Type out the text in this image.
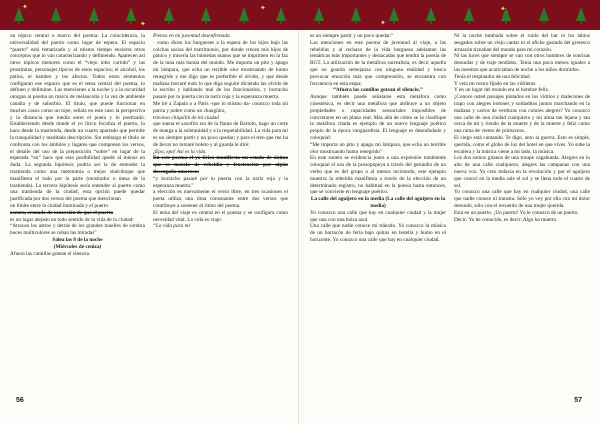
✦
✦
✦
✦
✦

un tópico central o marco del poema: La coincidencia, la universalidad del puerto como lugar de espera. El espacio “puerto” está tematizado y al mismo tiempo encierra otros conceptos que lo van caracterizando y definiendo. Aparecen así otros tópicos menores como el “viejo lobo curtido” y las prostitutas, personajes típicos de estos espacios; el alcohol, los patios, el hambre y los afectos. Todos estos elementos configuran ese espacio que es el tema central del poema, lo definen y delimitan. Las menciones a la noche y a la oscuridad otorgan al poema un marco de melancolía y la vez de ambiente canalla y de suburbio. El título, que puede funcionar en muchos casos como un tope, señala en este caso la perspectiva y la distancia que media entre el poeta y lo poetizado. Estableciendo desde donde el yo lírico focaliza el puerto, lo hace desde la trastienda, desde un cuarto apartado que permite la tranquilidad y meditada descripción. Sin embargo el título se confronta con los ámbitos y lugares que componen los versos, el detalle del uso de la preposición “sobre” en lugar de la esperada “en” hace que esta posibilidad quede al menos en duda. La segunda hipótesis podría ser la de entender la trastienda como una metonimia o mejor sinécdoque que manifiesta el todo por la parte (mostrador o mesa de la trastienda). La tercera hipótesis sería entender al puerto como una trastienda de la ciudad, esta opción puede quedar justificada por dos versos del poema que mencionan

un límite entre la ciudad iluminada y el puerto

oscuro, cruzado de concesión de que el puerto

es un lugar alejado en todo sentido de la vida de la ciudad:

“Atracan los astros y detrás de los grandes muelles de sombra buces multicolores se roban las miradas”

Salea las 8 de la noche

(Miércoles de ceniza)

Afuera las camillas gotean el silencio.

Pienso en mi juventud desenfrenada

· como dicen los burgueses a la espera de los hijos bajo las colchas sucias del matrimonio, por donde crecen mis hijos de pánico y miseria las húmedas manos que se imprimen en la faz de la luna más barata del mundo. Me importa un pito y apago mi lámpara, que echa un terrible olor mostruando de humo renegrido y me digo que es preferible el olvido, y que desde mañana borraré todo lo que diga seguiré diciendo las olvido de la escribo y hablando mal de los funcionarios, y borracho pasaré por tu puerta con la nariz roja y la esperanza muerta.

Me iré a Zapala o a París -que lo mismo da- conozco toda mi patria y pobre como un changüito,

travieso chiquilín de mi ciudad

que suena el saxofón rso de la flauta de Bartolo, hago un corte de manga a la solemnidad y a la respetabilidad. La vida para mí

es un siempre partir y un poco quedar; y para el tren que me ha de llevar no tomaré boleto y al guarda le diré:

¡Epa, epa! Así es la vida.

En este poema el yo lírico manifiesta un estado de ánimo que es mezcla de rebeldía y frustración por algún desengaño amoroso:

“y borracho pasaré por tu puerta con la nariz roja y la esperanza muerta.”

a elección es nuevamente el verso libre, en tres ocasiones el poeta utiliza una rima consonante entre dos versos que contribuye a sostener el ritmo del poema.

El tema del viaje es central en el poema y se configura como necesidad vital. La vida es viaje:

“La vida para mí

56

es un siempre partir y un poco quedar.”

Las menciones en este poema de juventud al viaje, a las rebeldías y al rechazo de la vida burguesa adelantan las temáticas más importantes y destacadas que tendrá la poesía de RGT. La utilización de la metáfora surrealista, es decir aquella que no guarda semejanza con ninguna realidad y busca provocar emoción más que comprensión, se encuentra con frecuencia en esta etapa:

“Afuera las camillas gotean el silencio.”

Aunque también puede señalarse esta metáfora como cinestésica, es decir una metáfora que atribuye a un objeto propiedades o capacidades sensoriales imposibles de concretarse en un plano real. Más allá de cómo se la clasifique la metáfora citada es ejemplo de un nuevo lenguaje poético propio de la época vanguardista. El lenguaje es desenfadado y coloquial:

“Me importa un pito y apago mi lámpara, que echa un terrible olor mostruando humo renegrido”

En este soneto se evidencia junto a una expresión totalmente coloquial el uso de la prosopopeya a través del gerundio de un verbo que es del grupo o al menos incómodo, este ejemplo muestra la rebeldía manifiesta a través de la elección de un determinado registro, no habitual en la poesía hasta entonces, que se convierte en lenguaje poético.

La calle del aguijero en la media (La calle del aguijero en la media)

Yo conozco una calle que hay en cualquier ciudad y la mujer que una con una bolsa azul.

Una calle que nadie conoce mi tránsito. Yo conozco la música de un barracón de feria bajo quitos en botella y humo en el horizonte. Yo conozco una calle que hay en cualquier ciudad.

Ni la noche tumbada sobre el ruido del bar ni los labios sesgados sobre un viejo cantar ni el afiche gastado del grotesco armazón tiznaban del mundo para mi corazón.

Ni las luces que siempre se van con otros hombres de sonrisas desnudas y de traje tendidos. Tenía una poca menos iguales a las nuestras que acariciaban de noche a los niños dormidos.

Tenía el resplandor de una felicidad

Y veía mi rostro fijado en las vidrieras

Y en un lugar del mundo era el hombre feliz.

¿Conoce usted paisajes pintados en los vidrios y malecones de trapo con alegres botones y soldaditos juntos marchando en la mañana y carros de verduras con colores alegres? Yo conozco una calle de una ciudad cualquiera y mi alma tan lejana y tan cerca de mí y riendo de la muerte y de la muerte y feliz como una rama de viento de primavera.

El ciego está cantando. Te digo, amo la guerra. Esto es simple, querida, como el globo de luz del hotel en que vives. Yo sube la escalera y la música viene a mi lado, la música.

Los dos somos gitanos de una troupe vagabunda. Alegres en lo alto de una calle cualquiera, alegres las campanas con una nueva voz. Yo creo todavía en la revolución y por el aguijero que conocí en la media sale el sol y se llena todo el cuarto de sol.

Yo conozco una calle que hay en cualquier ciudad, una calle que nadie conoce ni transita. Sólo yo voy por ella con mi dolor desnudo, sólo con el recuerdo de una mujer querida.

Está en un puerto. ¡Un puerto! Yo le conozco de un puerto.

Decir: Yo he conocido, es decir: Algo ha muerto.

57
